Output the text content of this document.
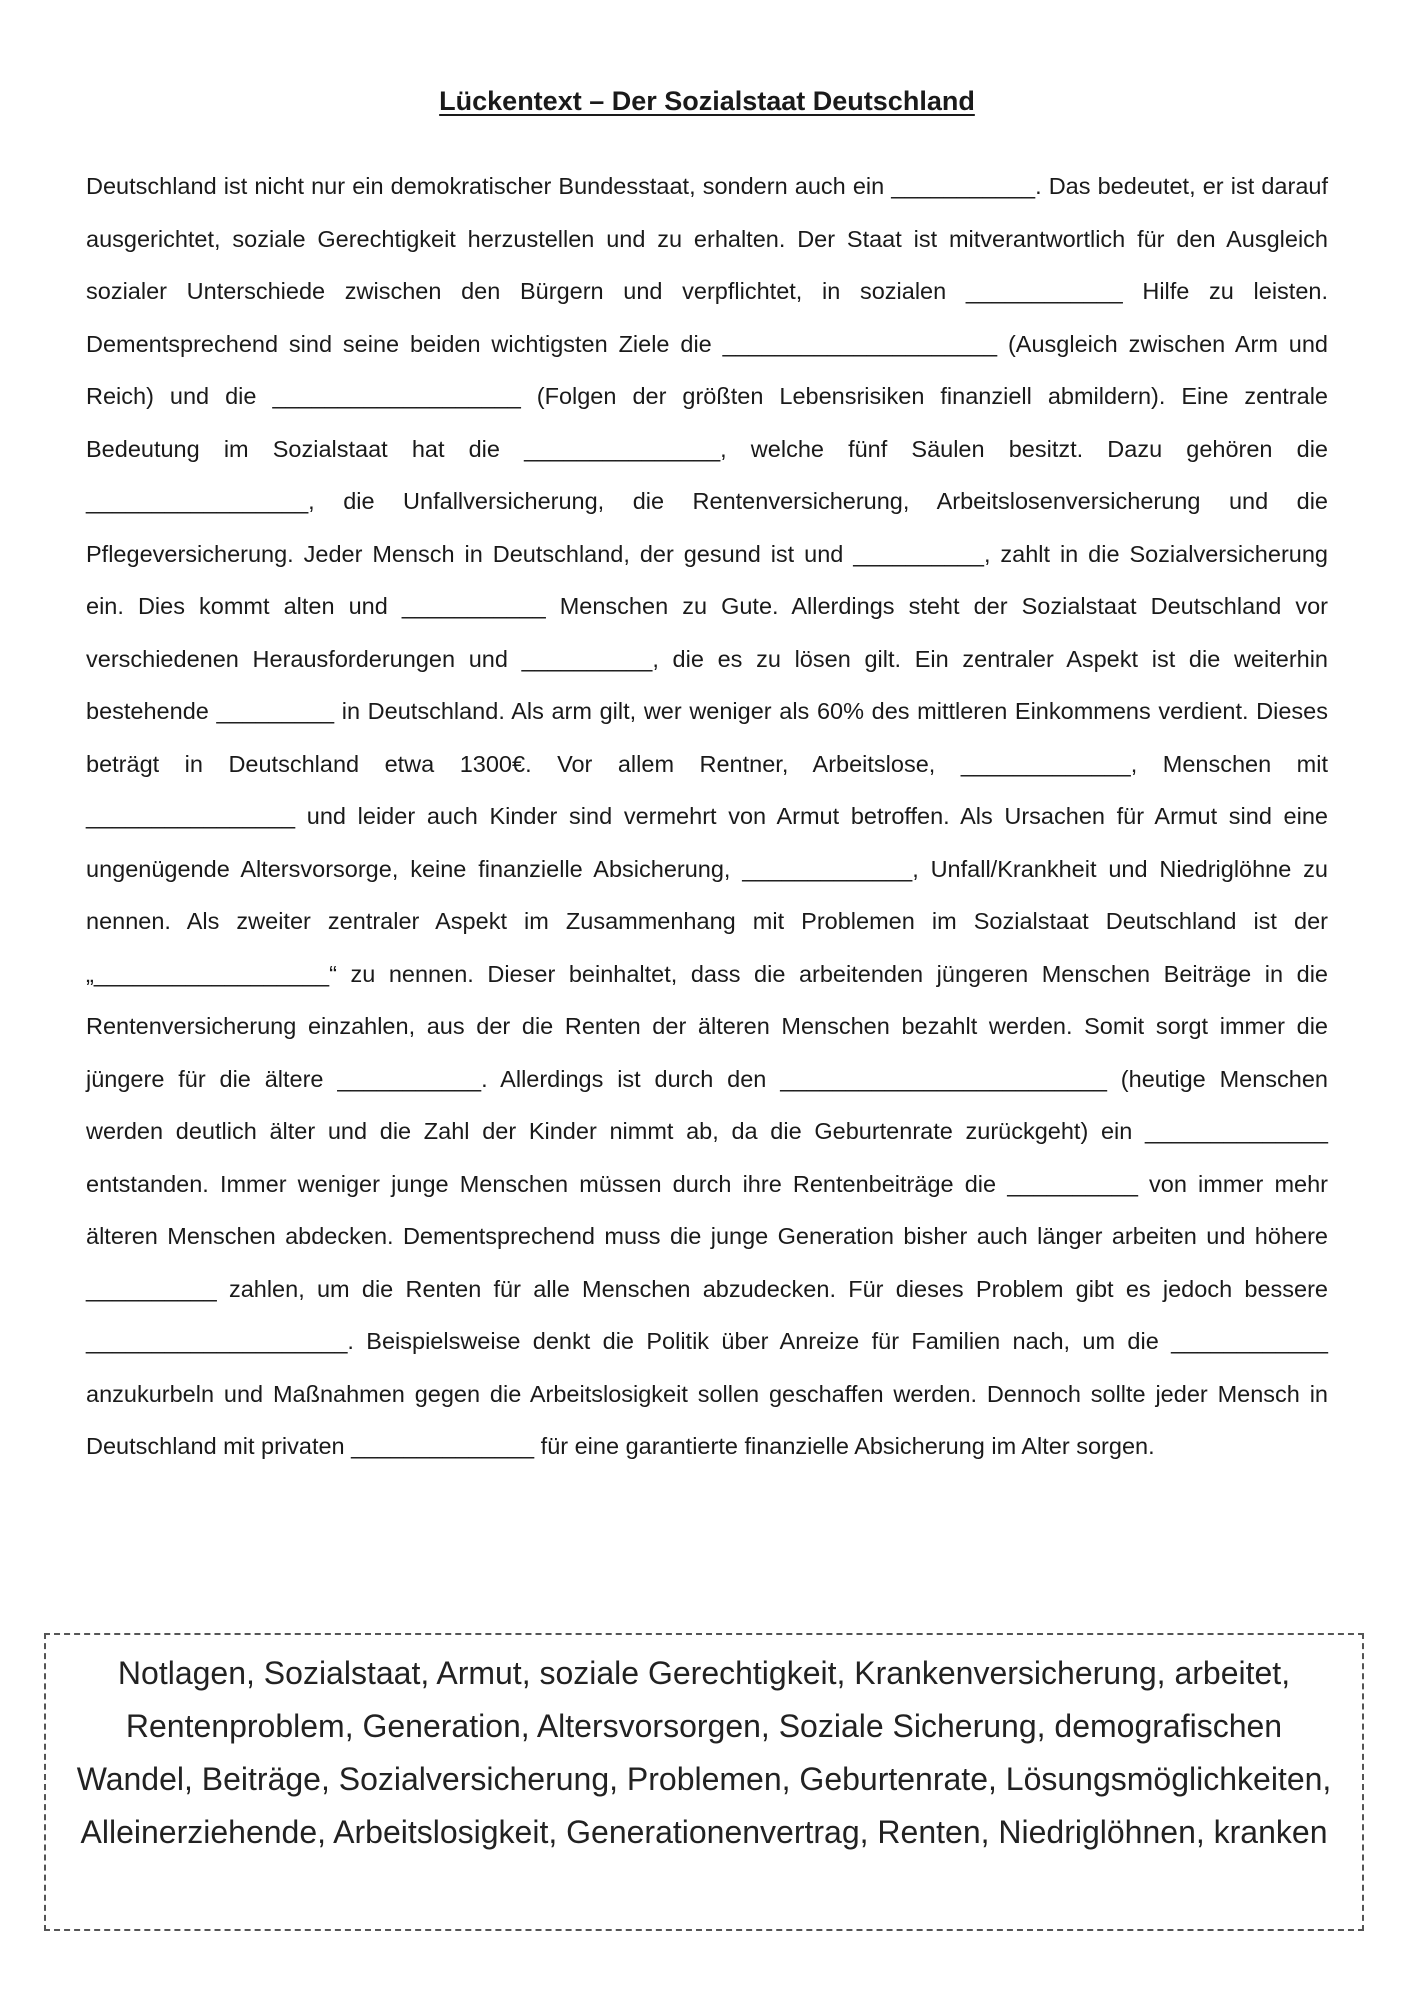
Lückentext – Der Sozialstaat Deutschland

Deutschland ist nicht nur ein demokratischer Bundesstaat, sondern auch ein ___________. Das bedeutet, er ist darauf ausgerichtet, soziale Gerechtigkeit herzustellen und zu erhalten. Der Staat ist mitverantwortlich für den Ausgleich sozialer Unterschiede zwischen den Bürgern und verpflichtet, in sozialen ____________ Hilfe zu leisten.  Dementsprechend sind seine beiden wichtigsten Ziele die _____________________ (Ausgleich zwischen Arm und Reich) und die ___________________ (Folgen der größten Lebensrisiken finanziell abmildern). Eine zentrale Bedeutung im Sozialstaat hat die _______________, welche fünf Säulen besitzt. Dazu gehören die _________________, die Unfallversicherung, die Rentenversicherung, Arbeitslosenversicherung und die Pflegeversicherung. Jeder Mensch in Deutschland, der gesund ist und __________, zahlt in die Sozialversicherung ein. Dies kommt alten und ___________ Menschen zu Gute. Allerdings steht der Sozialstaat Deutschland vor verschiedenen Herausforderungen und __________, die es zu lösen gilt. Ein zentraler Aspekt ist die weiterhin bestehende _________ in Deutschland. Als arm gilt, wer weniger als 60% des mittleren Einkommens verdient. Dieses beträgt in Deutschland etwa 1300€. Vor allem Rentner, Arbeitslose, _____________, Menschen mit ________________ und leider auch Kinder sind vermehrt von Armut betroffen. Als Ursachen für Armut sind eine ungenügende Altersvorsorge, keine finanzielle Absicherung, _____________, Unfall/Krankheit und Niedriglöhne zu nennen. Als zweiter zentraler Aspekt im Zusammenhang mit Problemen im Sozialstaat Deutschland ist der „__________________“ zu nennen. Dieser beinhaltet, dass die arbeitenden jüngeren Menschen Beiträge in die Rentenversicherung einzahlen, aus der die Renten der älteren Menschen bezahlt werden. Somit sorgt immer die jüngere für die ältere ___________. Allerdings ist durch den _________________________ (heutige Menschen werden deutlich älter und die Zahl der Kinder nimmt ab, da die Geburtenrate zurückgeht) ein ______________ entstanden. Immer weniger junge Menschen müssen durch ihre Rentenbeiträge die __________ von immer mehr älteren Menschen abdecken. Dementsprechend muss die junge Generation bisher auch länger arbeiten und höhere __________ zahlen, um die Renten für alle Menschen abzudecken. Für dieses Problem gibt es jedoch bessere ____________________. Beispielsweise denkt die Politik über Anreize für Familien nach, um die ____________ anzukurbeln und Maßnahmen gegen die Arbeitslosigkeit sollen geschaffen werden. Dennoch sollte jeder Mensch in Deutschland mit privaten ______________ für eine garantierte finanzielle Absicherung im Alter sorgen.

Notlagen, Sozialstaat, Armut, soziale Gerechtigkeit, Krankenversicherung, arbeitet, Rentenproblem, Generation, Altersvorsorgen, Soziale Sicherung, demografischen Wandel, Beiträge, Sozialversicherung, Problemen, Geburtenrate, Lösungsmöglichkeiten, Alleinerziehende, Arbeitslosigkeit, Generationenvertrag, Renten, Niedriglöhnen, kranken
